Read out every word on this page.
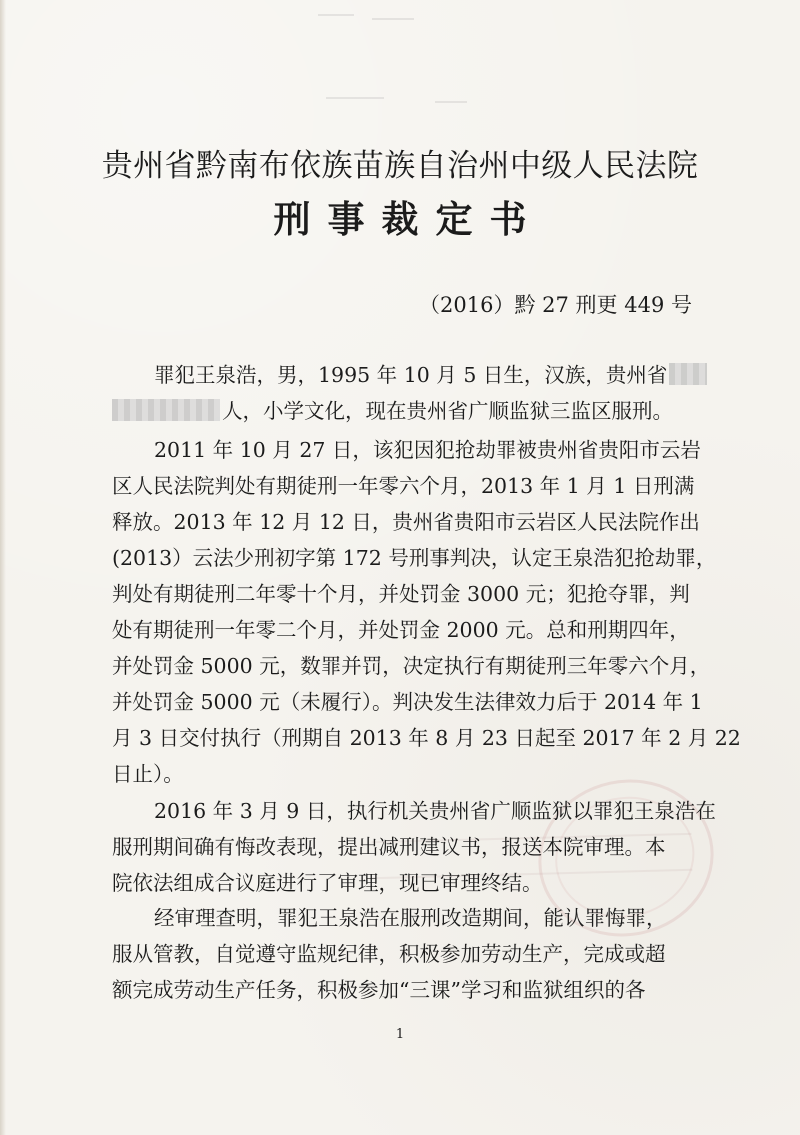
贵州省黔南布依族苗族自治州中级人民法院
刑事裁定书
（2016）黔 27 刑更 449 号
罪犯王泉浩，男，1995 年 10 月 5 日生，汉族，贵州省
人，小学文化，现在贵州省广顺监狱三监区服刑。
2011 年 10 月 27 日，该犯因犯抢劫罪被贵州省贵阳市云岩
区人民法院判处有期徒刑一年零六个月，2013 年 1 月 1 日刑满
释放。2013 年 12 月 12 日，贵州省贵阳市云岩区人民法院作出
(2013）云法少刑初字第 172 号刑事判决，认定王泉浩犯抢劫罪，
判处有期徒刑二年零十个月，并处罚金 3000 元；犯抢夺罪，判
处有期徒刑一年零二个月，并处罚金 2000 元。总和刑期四年，
并处罚金 5000 元，数罪并罚，决定执行有期徒刑三年零六个月，
并处罚金 5000 元（未履行）。判决发生法律效力后于 2014 年 1
月 3 日交付执行（刑期自 2013 年 8 月 23 日起至 2017 年 2 月 22
日止）。
2016 年 3 月 9 日，执行机关贵州省广顺监狱以罪犯王泉浩在
服刑期间确有悔改表现，提出减刑建议书，报送本院审理。本
院依法组成合议庭进行了审理，现已审理终结。
经审理查明，罪犯王泉浩在服刑改造期间，能认罪悔罪，
服从管教，自觉遵守监规纪律，积极参加劳动生产，完成或超
额完成劳动生产任务，积极参加“三课”学习和监狱组织的各
1
